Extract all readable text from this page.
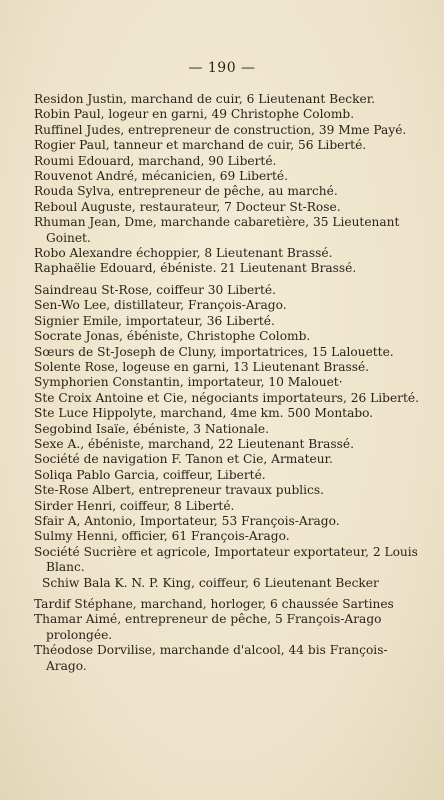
— 190 —
Residon Justin, marchand de cuir, 6 Lieutenant Becker.
Robin Paul, logeur en garni, 49 Christophe Colomb.
Ruffinel Judes, entrepreneur de construction, 39 Mme Payé.
Rogier Paul, tanneur et marchand de cuir, 56 Liberté.
Roumi Edouard, marchand, 90 Liberté.
Rouvenot André, mécanicien, 69 Liberté.
Rouda Sylva, entrepreneur de pêche, au marché.
Reboul Auguste, restaurateur, 7 Docteur St-Rose.
Rhuman Jean, Dme, marchande cabaretière, 35 Lieutenant Goinet.
Robo Alexandre échoppier, 8 Lieutenant Brassé.
Raphaëlie Edouard, ébéniste. 21 Lieutenant Brassé.
Saindreau St-Rose, coiffeur 30 Liberté.
Sen-Wo Lee, distillateur, François-Arago.
Signier Emile, importateur, 36 Liberté.
Socrate Jonas, ébéniste, Christophe Colomb.
Sœurs de St-Joseph de Cluny, importatrices, 15 Lalouette.
Solente Rose, logeuse en garni, 13 Lieutenant Brassé.
Symphorien Constantin, importateur, 10 Malouet·
Ste Croix Antoine et Cie, négociants importateurs, 26 Liberté.
Ste Luce Hippolyte, marchand, 4me km. 500 Montabo.
Segobind Isaïe, ébéniste, 3 Nationale.
Sexe A., ébéniste, marchand, 22 Lieutenant Brassé.
Société de navigation F. Tanon et Cie, Armateur.
Soliqa Pablo Garcia, coiffeur, Liberté.
Ste-Rose Albert, entrepreneur travaux publics.
Sirder Henri, coiffeur, 8 Liberté.
Sfair A, Antonio, Importateur, 53 François-Arago.
Sulmy Henni, officier, 61 François-Arago.
Société Sucrière et agricole, Importateur exportateur, 2 Louis Blanc.
Schiw Bala K. N. P. King, coiffeur, 6 Lieutenant Becker
Tardif Stéphane, marchand, horloger, 6 chaussée Sartines
Thamar Aimé, entrepreneur de pêche, 5 François-Arago prolongée.
Théodose Dorvilise, marchande d'alcool, 44 bis François-Arago.
